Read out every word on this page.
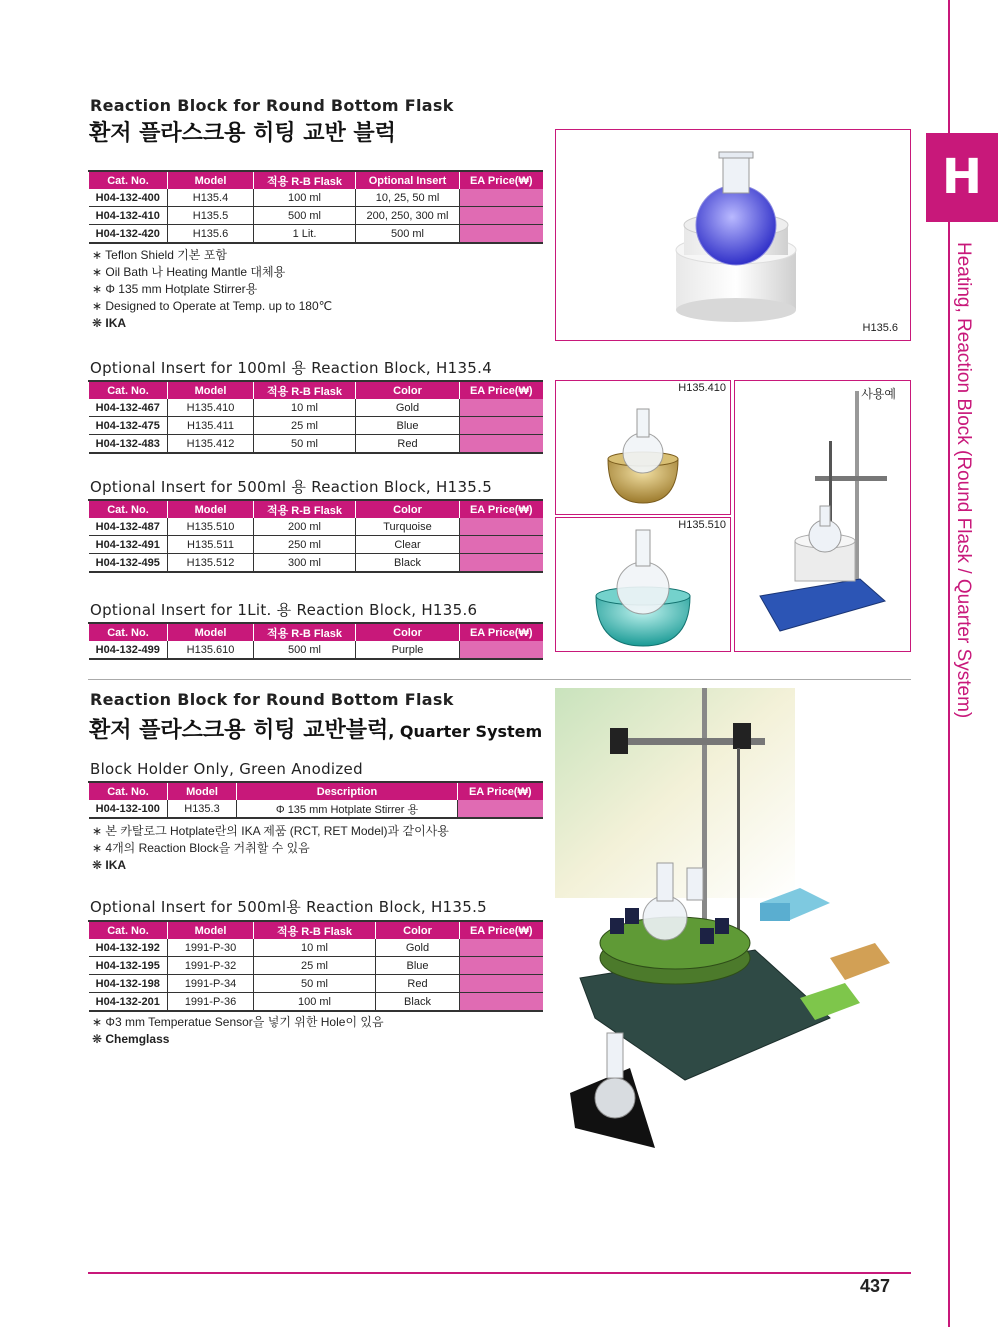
H
Heating, Reaction Block (Round Flask / Quarter System)
Reaction Block for Round Bottom Flask
환저 플라스크용 히팅 교반 블럭
Cat. No.	Model	적용 R-B Flask	Optional Insert	EA Price(₩)
H04-132-400	H135.4	100 ml	10, 25, 50 ml	
H04-132-410	H135.5	500 ml	200, 250, 300 ml	
H04-132-420	H135.6	1 Lit.	500 ml	
∗ Teflon Shield 기본 포함
∗ Oil Bath 나 Heating Mantle 대체용
∗ Φ 135 mm Hotplate Stirrer용
∗ Designed to Operate at Temp. up to 180℃
❋ IKA	H135.6
Optional Insert for 100ml 용 Reaction Block, H135.4
Cat. No.	Model	적용 R-B Flask	Color	EA Price(₩)
H04-132-467	H135.410	10 ml	Gold	
H04-132-475	H135.411	25 ml	Blue	
H04-132-483	H135.412	50 ml	Red	
Optional Insert for 500ml 용 Reaction Block, H135.5
Cat. No.	Model	적용 R-B Flask	Color	EA Price(₩)
H04-132-487	H135.510	200 ml	Turquoise	
H04-132-491	H135.511	250 ml	Clear	
H04-132-495	H135.512	300 ml	Black	
Optional Insert for 1Lit. 용 Reaction Block, H135.6
Cat. No.	Model	적용 R-B Flask	Color	EA Price(₩)
H04-132-499	H135.610	500 ml	Purple	
H135.410
H135.510
사용예
Reaction Block for Round Bottom Flask
환저 플라스크용 히팅 교반블럭, Quarter System
Block Holder Only, Green Anodized
Cat. No.	Model	Description	EA Price(₩)
H04-132-100	H135.3	Φ 135 mm Hotplate Stirrer 용	
∗ 본 카탈로그 Hotplate란의 IKA 제품 (RCT, RET Model)과 같이사용
∗ 4개의 Reaction Block을 거취할 수 있음
❋ IKA
Optional Insert for 500ml용 Reaction Block, H135.5
Cat. No.	Model	적용 R-B Flask	Color	EA Price(₩)
H04-132-192	1991-P-30	10 ml	Gold	
H04-132-195	1991-P-32	25 ml	Blue	
H04-132-198	1991-P-34	50 ml	Red	
H04-132-201	1991-P-36	100 ml	Black	
∗ Φ3 mm Temperatue Sensor을 넣기 위한 Hole이 있음
❋ Chemglass
437
